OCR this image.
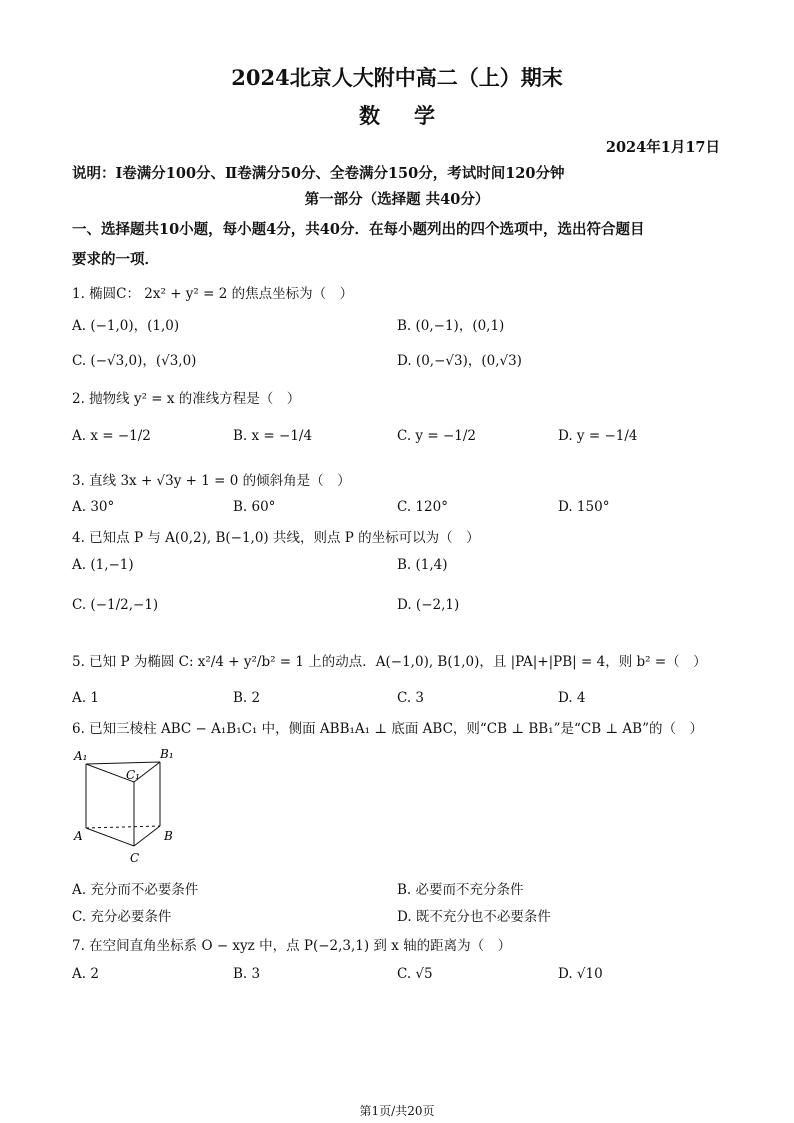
2024北京人大附中高二（上）期末
数学
2024年1月17日
说明：Ⅰ卷满分100分、Ⅱ卷满分50分、全卷满分150分，考试时间120分钟
第一部分（选择题 共40分）
一、选择题共10小题，每小题4分，共40分．在每小题列出的四个选项中，选出符合题目
要求的一项．
1. 椭圆C： 2x² + y² = 2 的焦点坐标为（　）
A. (−1,0)，(1,0)	B. (0,−1)，(0,1)
C. (−√3,0)，(√3,0)	D. (0,−√3)，(0,√3)
2. 抛物线 y² = x 的准线方程是（　）
A. x = −1/2	B. x = −1/4	C. y = −1/2	D. y = −1/4
3. 直线 3x + √3y + 1 = 0 的倾斜角是（　）
A. 30°	B. 60°	C. 120°	D. 150°
4. 已知点 P 与 A(0,2), B(−1,0) 共线，则点 P 的坐标可以为（　）
A. (1,−1)	B. (1,4)
C. (−1/2,−1)	D. (−2,1)
5. 已知 P 为椭圆 C: x²/4 + y²/b² = 1 上的动点．A(−1,0), B(1,0)，且 |PA|+|PB| = 4，则 b² =（　）
A. 1	B. 2	C. 3	D. 4
6. 已知三棱柱 ABC − A₁B₁C₁ 中，侧面 ABB₁A₁ ⊥ 底面 ABC，则“CB ⊥ BB₁”是“CB ⊥ AB”的（　）
A₁	B₁
C₁
A	B
C
A. 充分而不必要条件	B. 必要而不充分条件
C. 充分必要条件	D. 既不充分也不必要条件
7. 在空间直角坐标系 O − xyz 中，点 P(−2,3,1) 到 x 轴的距离为（　）
A. 2	B. 3	C. √5	D. √10
第1页/共20页
